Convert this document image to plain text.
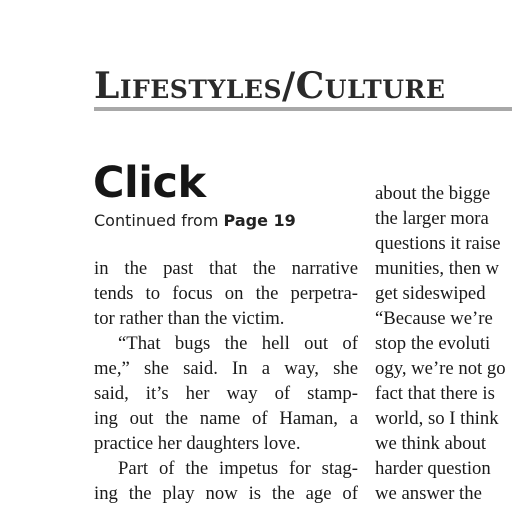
Lifestyles/Culture
Click
Continued from Page 19
in the past that the narrative
tends to focus on the perpetra-
tor rather than the victim.
“That bugs the hell out of
me,” she said. In a way, she
said, it’s her way of stamp-
ing out the name of Haman, a
practice her daughters love.
Part of the impetus for stag-
ing the play now is the age of
about the bigge
the larger mora
questions it raise
munities, then w
get sideswiped
“Because we’re
stop the evoluti
ogy, we’re not go
fact that there is
world, so I think
we think about
harder question
we answer the
